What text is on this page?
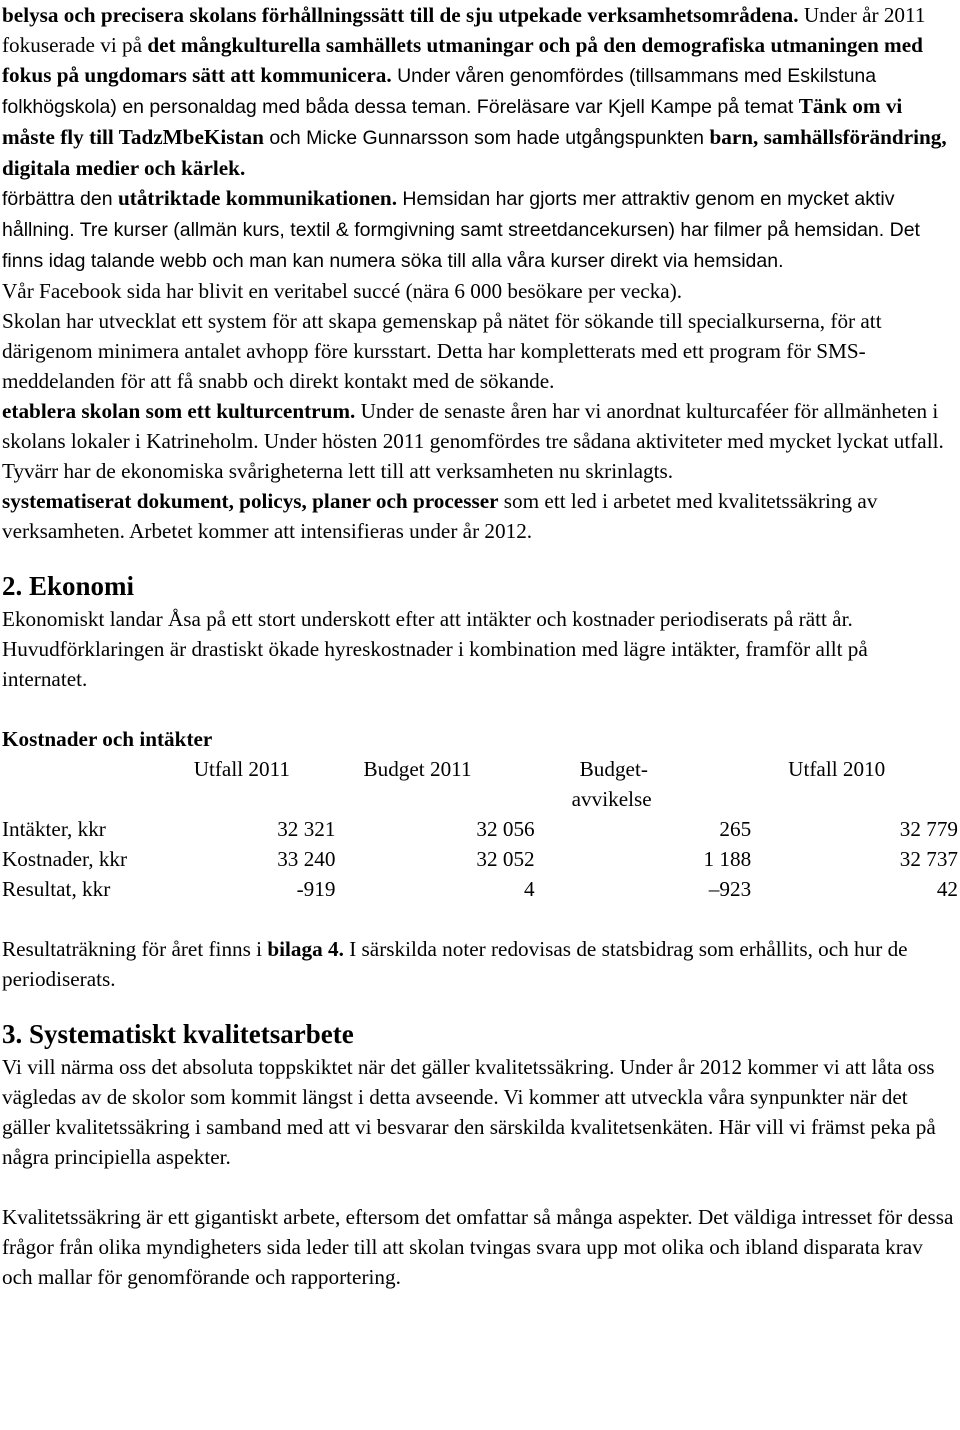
belysa och precisera skolans förhållningssätt till de sju utpekade verksamhetsområdena. Under år 2011 fokuserade vi på det mångkulturella samhällets utmaningar och på den demografiska utmaningen med fokus på ungdomars sätt att kommunicera. Under våren genomfördes (tillsammans med Eskilstuna folkhögskola) en personaldag med båda dessa teman. Föreläsare var Kjell Kampe på temat Tänk om vi måste fly till TadzMbeKistan och Micke Gunnarsson som hade utgångspunkten barn, samhällsförändring, digitala medier och kärlek.

förbättra den utåtriktade kommunikationen. Hemsidan har gjorts mer attraktiv genom en mycket aktiv hållning. Tre kurser (allmän kurs, textil & formgivning samt streetdancekursen) har filmer på hemsidan. Det finns idag talande webb och man kan numera söka till alla våra kurser direkt via hemsidan.

Vår Facebook sida har blivit en veritabel succé (nära 6 000 besökare per vecka).

Skolan har utvecklat ett system för att skapa gemenskap på nätet för sökande till specialkurserna, för att därigenom minimera antalet avhopp före kursstart. Detta har kompletterats med ett program för SMS-meddelanden för att få snabb och direkt kontakt med de sökande.

etablera skolan som ett kulturcentrum. Under de senaste åren har vi anordnat kulturcaféer för allmänheten i skolans lokaler i Katrineholm. Under hösten 2011 genomfördes tre sådana aktiviteter med mycket lyckat utfall. Tyvärr har de ekonomiska svårigheterna lett till att verksamheten nu skrinlagts.

systematiserat dokument, policys, planer och processer som ett led i arbetet med kvalitetssäkring av verksamheten. Arbetet kommer att intensifieras under år 2012.

2. Ekonomi

Ekonomiskt landar Åsa på ett stort underskott efter att intäkter och kostnader periodiserats på rätt år. Huvudförklaringen är drastiskt ökade hyreskostnader i kombination med lägre intäkter, framför allt på internatet.

Kostnader och intäkter

	Utfall 2011	Budget 2011	Budget-	Utfall 2010
			avvikelse	
Intäkter, kkr	32 321	32 056	265	32 779
Kostnader, kkr	33 240	32 052	1 188	32 737
Resultat, kkr	-919	4	–923	42

Resultaträkning för året finns i bilaga 4. I särskilda noter redovisas de statsbidrag som erhållits, och hur de periodiserats.

3. Systematiskt kvalitetsarbete

Vi vill närma oss det absoluta toppskiktet när det gäller kvalitetssäkring. Under år 2012 kommer vi att låta oss vägledas av de skolor som kommit längst i detta avseende. Vi kommer att utveckla våra synpunkter när det gäller kvalitetssäkring i samband med att vi besvarar den särskilda kvalitetsenkäten. Här vill vi främst peka på några principiella aspekter.

Kvalitetssäkring är ett gigantiskt arbete, eftersom det omfattar så många aspekter. Det väldiga intresset för dessa frågor från olika myndigheters sida leder till att skolan tvingas svara upp mot olika och ibland disparata krav och mallar för genomförande och rapportering.
